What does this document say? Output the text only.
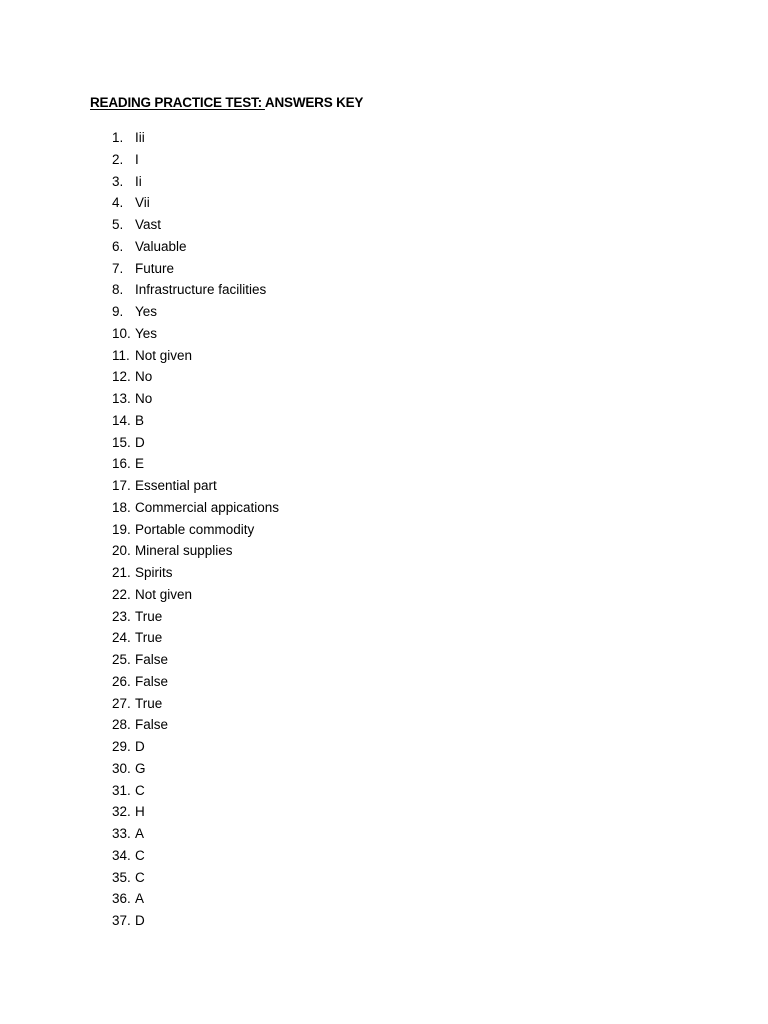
READING PRACTICE TEST: ANSWERS KEY
1. Iii
2. I
3. Ii
4. Vii
5. Vast
6. Valuable
7. Future
8. Infrastructure facilities
9. Yes
10. Yes
11. Not given
12. No
13. No
14. B
15. D
16. E
17. Essential part
18. Commercial appications
19. Portable commodity
20. Mineral supplies
21. Spirits
22. Not given
23. True
24. True
25. False
26. False
27. True
28. False
29. D
30. G
31. C
32. H
33. A
34. C
35. C
36. A
37. D
